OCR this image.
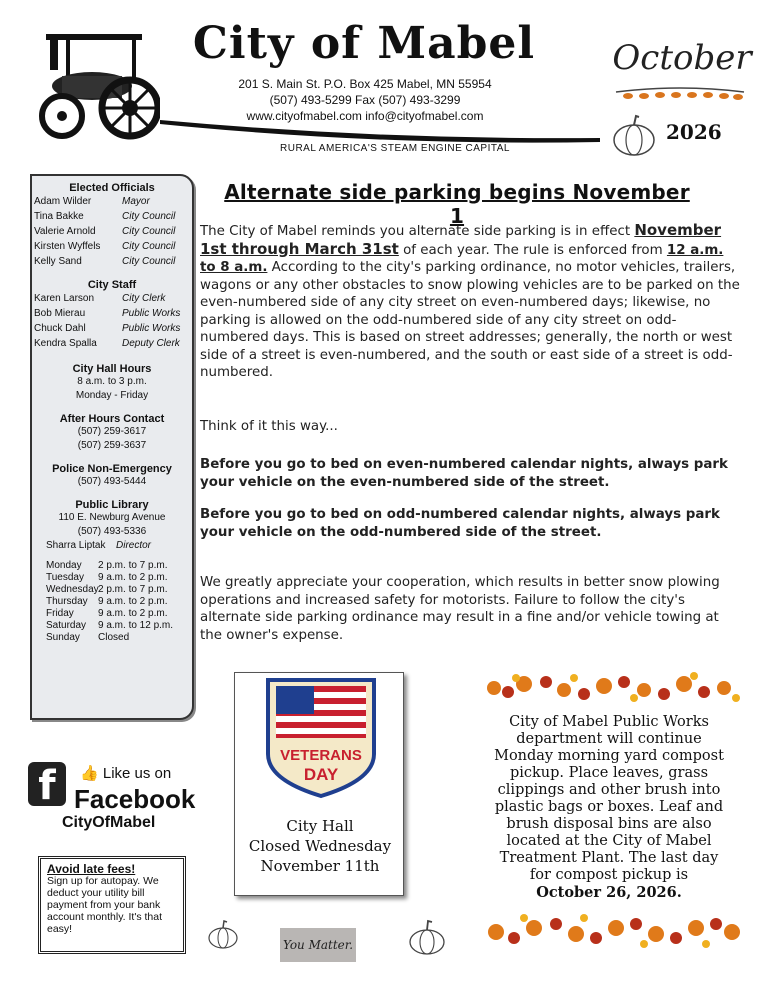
City of Mabel
201 S. Main St. P.O. Box 425 Mabel, MN 55954
(507) 493-5299 Fax (507) 493-3299
www.cityofmabel.com info@cityofmabel.com
RURAL AMERICA'S STEAM ENGINE CAPITAL
October
2026
Elected Officials
Adam Wilder	Mayor
Tina Bakke	City Council
Valerie Arnold	City Council
Kirsten Wyffels	City Council
Kelly Sand	City Council
City Staff
Karen Larson	City Clerk
Bob Mierau	Public Works
Chuck Dahl	Public Works
Kendra Spalla	Deputy Clerk
City Hall Hours
8 a.m. to 3 p.m.
Monday - Friday
After Hours Contact
(507) 259-3617
(507) 259-3637
Police Non-Emergency
(507) 493-5444
Public Library
110 E. Newburg Avenue
(507) 493-5336
Sharra Liptak	Director
Monday	2 p.m. to 7 p.m.
Tuesday	9 a.m. to 2 p.m.
Wednesday 2 p.m. to 7 p.m.
Thursday	9 a.m. to 2 p.m.
Friday	9 a.m. to 2 p.m.
Saturday	9 a.m. to 12 p.m.
Sunday	Closed
f	👍 Like us on
Facebook
CityOfMabel
Avoid late fees!
Sign up for autopay. We deduct your utility bill payment from your bank account monthly. It's that easy!
Alternate side parking begins November 1
The City of Mabel reminds you alternate side parking is in effect November 1st through March 31st of each year. The rule is enforced from 12 a.m. to 8 a.m. According to the city's parking ordinance, no motor vehicles, trailers, wagons or any other obstacles to snow plowing vehicles are to be parked on the even-numbered side of any city street on even-numbered days; likewise, no parking is allowed on the odd-numbered side of any city street on odd-numbered days. This is based on street addresses; generally, the north or west side of a street is even-numbered, and the south or east side of a street is odd-numbered.
Think of it this way...
Before you go to bed on even-numbered calendar nights, always park your vehicle on the even-numbered side of the street.
Before you go to bed on odd-numbered calendar nights, always park your vehicle on the odd-numbered side of the street.
We greatly appreciate your cooperation, which results in better snow plowing operations and increased safety for motorists. Failure to follow the city's alternate side parking ordinance may result in a fine and/or vehicle towing at the owner's expense.
VETERANS
DAY
City Hall
Closed Wednesday
November 11th
City of Mabel Public Works department will continue Monday morning yard compost pickup. Place leaves, grass clippings and other brush into plastic bags or boxes. Leaf and brush disposal bins are also located at the City of Mabel Treatment Plant. The last day for compost pickup is
October 26, 2026.
You Matter.
